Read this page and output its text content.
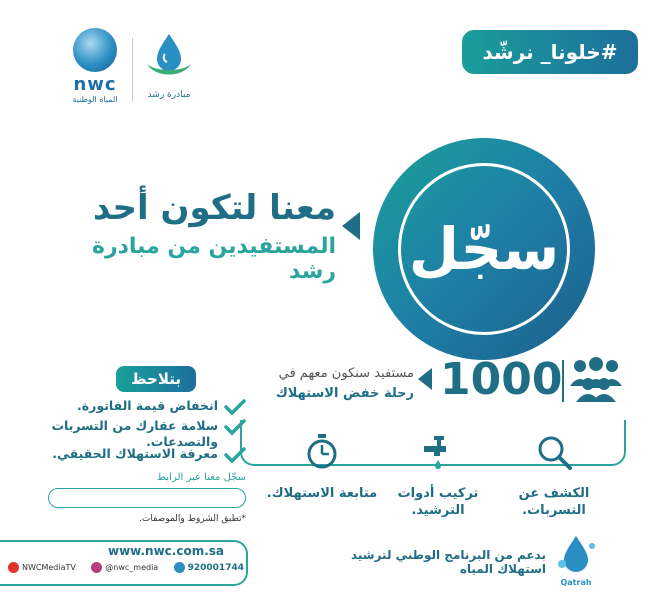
#خلونا_ نرشّد
nwc
المياه الوطنية	مبادرة رشد
سجّل
معنا لتكون أحد
المستفيدين من مبادرة رشد
1000
مستفيد سنكون معهم في
رحلة خفض الاستهلاك
الكشف عن
التسربات.
تركيب أدوات
الترشيد.
متابعة الاستهلاك.
بتلاحظ
انخفاض قيمة الفاتورة.
سلامة عقارك من التسربات والتصدعات.
معرفة الاستهلاك الحقيقي.
سجّل معنا عبر الرابط
*تطبق الشروط والموصفات.
www.nwc.com.sa
NWCMediaTV	@nwc_media	920001744
بدعم من البرنامج الوطني لترشيد استهلاك المياه
Qatrah
